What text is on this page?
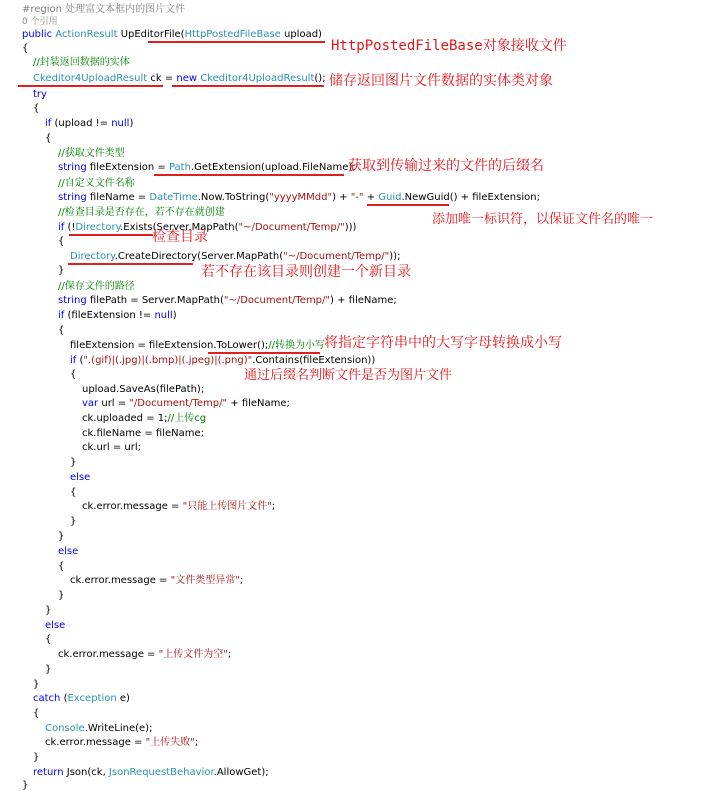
#region 处理富文本框内的图片文件
0 个引用
public ActionResult UpEditorFile(HttpPostedFileBase upload)
HttpPostedFileBase对象接收文件
{
//封装返回数据的实体
Ckeditor4UploadResult ck = new Ckeditor4UploadResult(); 储存返回图片文件数据的实体类对象
try
{
if (upload != null)
{
//获取文件类型
string fileExtension = Path.GetExtension(upload.FileName);
获取到传输过来的文件的后缀名
//自定义文件名称
string fileName = DateTime.Now.ToString("yyyyMMdd") + "-" + Guid.NewGuid() + fileExtension;
添加唯一标识符，以保证文件名的唯一
//检查目录是否存在，若不存在就创建
if (!Directory.Exists(Server.MapPath("~/Document/Temp/")))
检查目录
{
Directory.CreateDirectory(Server.MapPath("~/Document/Temp/"));
若不存在该目录则创建一个新目录
}
//保存文件的路径
string filePath = Server.MapPath("~/Document/Temp/") + fileName;
if (fileExtension != null)
{
fileExtension = fileExtension.ToLower();//转换为小写 将指定字符串中的大写字母转换成小写
if (".(gif)|(.jpg)|(.bmp)|(.jpeg)|(.png)".Contains(fileExtension))
{	通过后缀名判断文件是否为图片文件
upload.SaveAs(filePath);
var url = "/Document/Temp/" + fileName;
ck.uploaded = 1;//上传cg
ck.fileName = fileName;
ck.url = url;
}
else
{
ck.error.message = "只能上传图片文件";
}
}
else
{
ck.error.message = "文件类型异常";
}
}
else
{
ck.error.message = "上传文件为空";
}
}
catch (Exception e)
{
Console.WriteLine(e);
ck.error.message = "上传失败";
}
return Json(ck, JsonRequestBehavior.AllowGet);
}
